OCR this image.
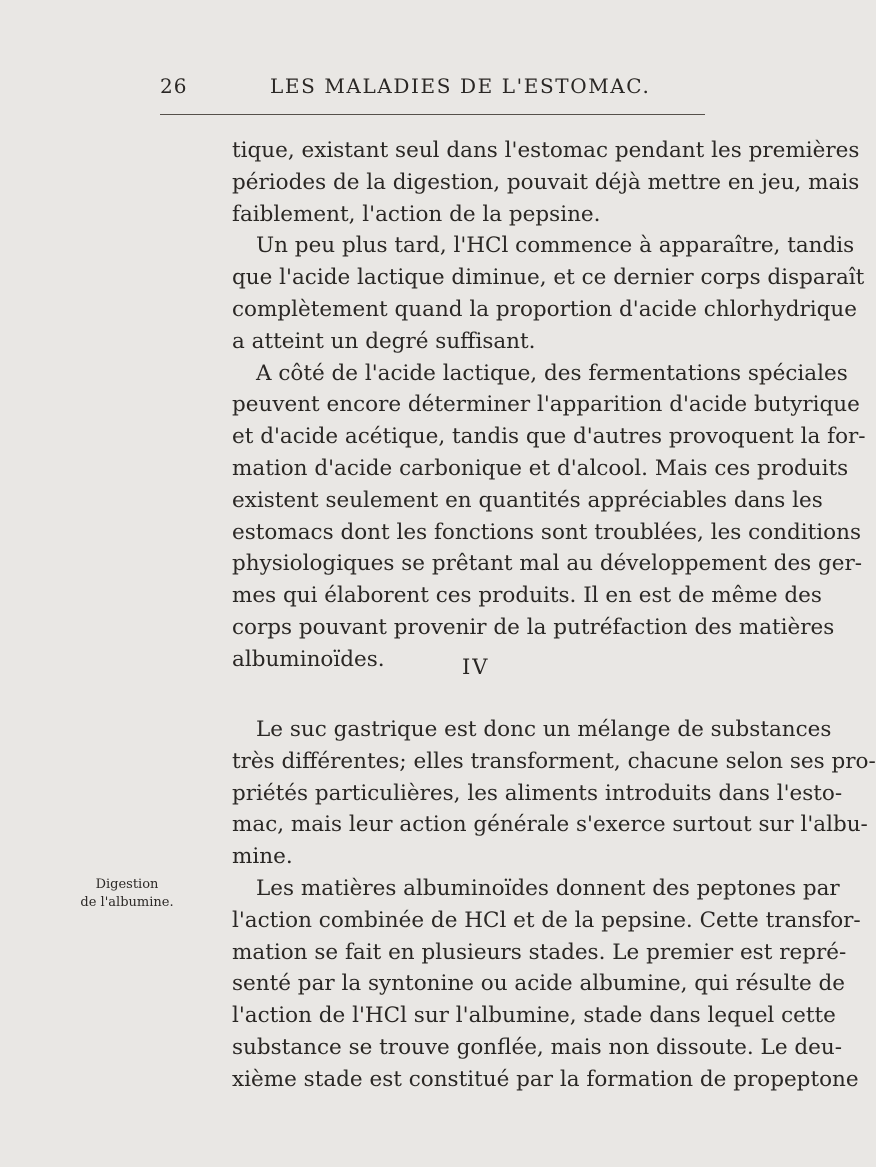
26	LES MALADIES DE L'ESTOMAC.
tique, existant seul dans l'estomac pendant les premières
périodes de la digestion, pouvait déjà mettre en jeu, mais
faiblement, l'action de la pepsine.
Un peu plus tard, l'HCl commence à apparaître, tandis
que l'acide lactique diminue, et ce dernier corps disparaît
complètement quand la proportion d'acide chlorhydrique
a atteint un degré suffisant.
A côté de l'acide lactique, des fermentations spéciales
peuvent encore déterminer l'apparition d'acide butyrique
et d'acide acétique, tandis que d'autres provoquent la for-
mation d'acide carbonique et d'alcool. Mais ces produits
existent seulement en quantités appréciables dans les
estomacs dont les fonctions sont troublées, les conditions
physiologiques se prêtant mal au développement des ger-
mes qui élaborent ces produits. Il en est de même des
corps pouvant provenir de la putréfaction des matières
albuminoïdes.	IV
Digestion
de l'albumine.
Le suc gastrique est donc un mélange de substances
très différentes; elles transforment, chacune selon ses pro-
priétés particulières, les aliments introduits dans l'esto-
mac, mais leur action générale s'exerce surtout sur l'albu-
mine.
Les matières albuminoïdes donnent des peptones par
l'action combinée de HCl et de la pepsine. Cette transfor-
mation se fait en plusieurs stades. Le premier est repré-
senté par la syntonine ou acide albumine, qui résulte de
l'action de l'HCl sur l'albumine, stade dans lequel cette
substance se trouve gonflée, mais non dissoute. Le deu-
xième stade est constitué par la formation de propeptone
